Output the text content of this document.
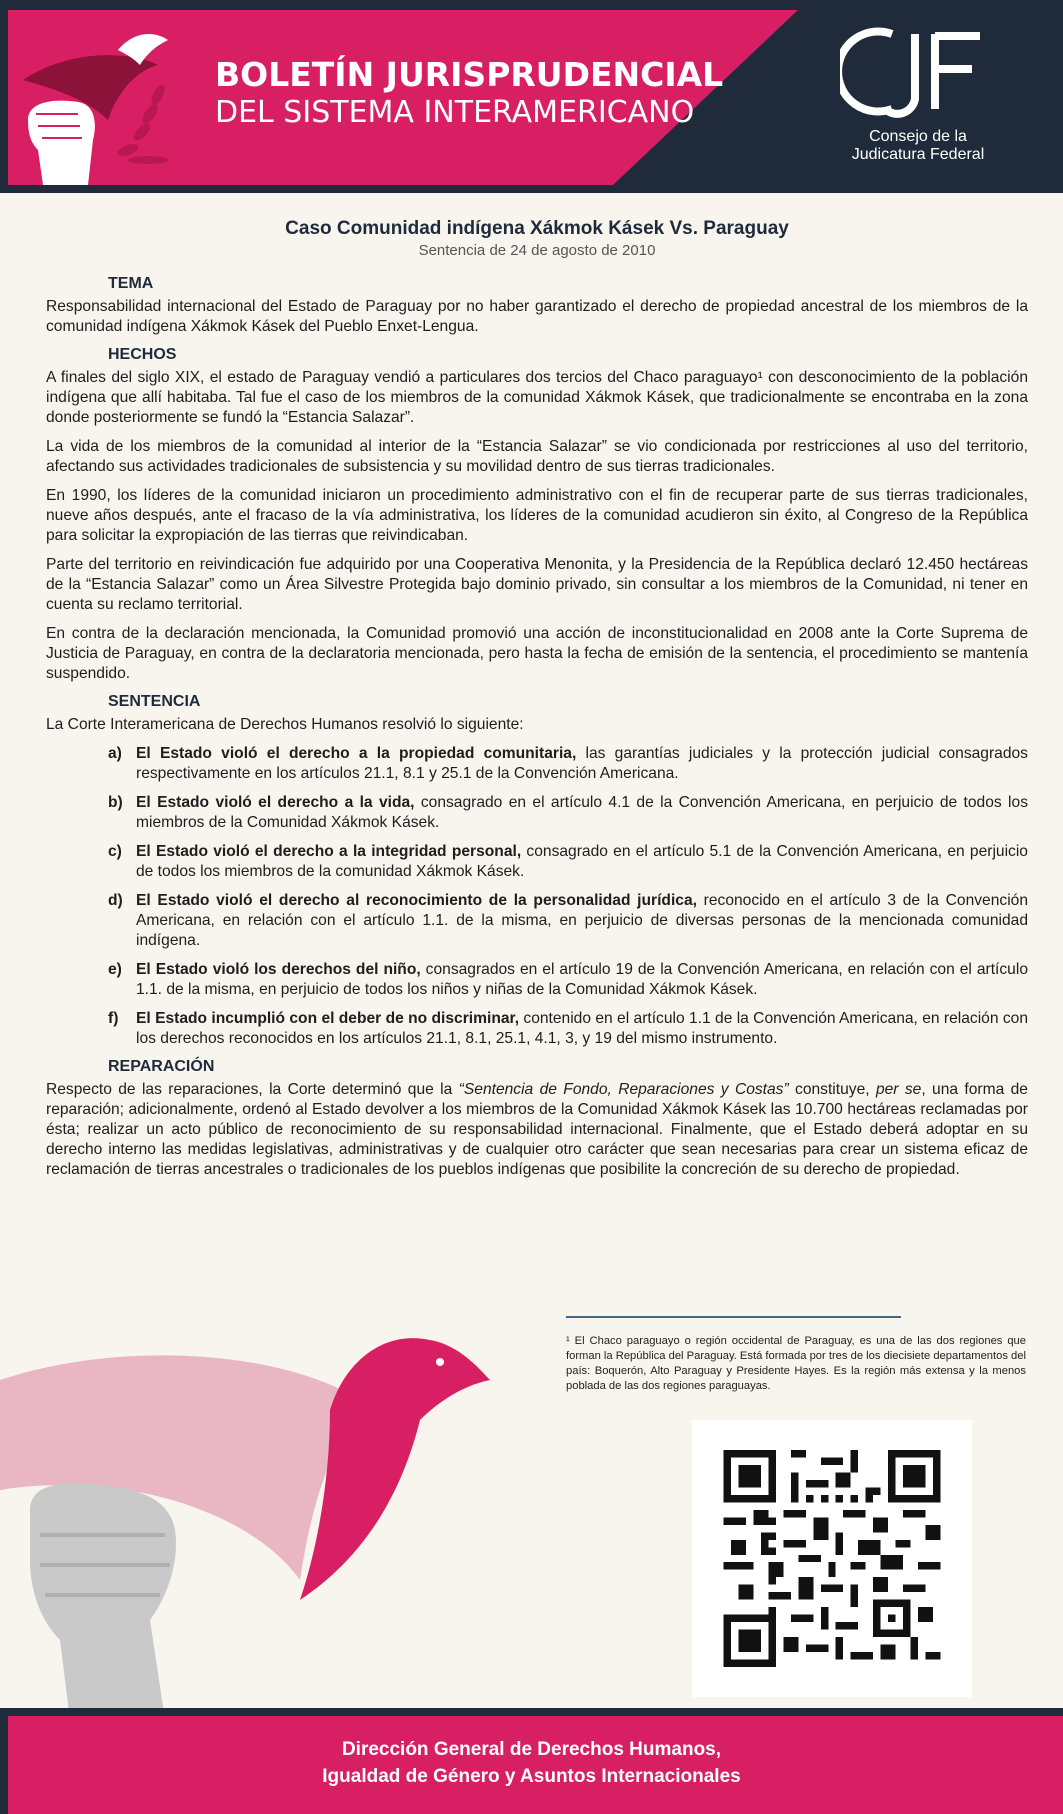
BOLETÍN JURISPRUDENCIAL
DEL SISTEMA INTERAMERICANO
Consejo de la
Judicatura Federal

Caso Comunidad indígena Xákmok Kásek Vs. Paraguay

Sentencia de 24 de agosto de 2010

TEMA

Responsabilidad internacional del Estado de Paraguay por no haber garantizado el derecho de propiedad ancestral de los miembros de la comunidad indígena Xákmok Kásek del Pueblo Enxet-Lengua.

HECHOS

A finales del siglo XIX, el estado de Paraguay vendió a particulares dos tercios del Chaco paraguayo¹ con desconocimiento de la población indígena que allí habitaba. Tal fue el caso de los miembros de la comunidad Xákmok Kásek, que tradicionalmente se encontraba en la zona donde posteriormente se fundó la “Estancia Salazar”.

La vida de los miembros de la comunidad al interior de la “Estancia Salazar” se vio condicionada por restricciones al uso del territorio, afectando sus actividades tradicionales de subsistencia y su movilidad dentro de sus tierras tradicionales.

En 1990, los líderes de la comunidad iniciaron un procedimiento administrativo con el fin de recuperar parte de sus tierras tradicionales, nueve años después, ante el fracaso de la vía administrativa, los líderes de la comunidad acudieron sin éxito, al Congreso de la República para solicitar la expropiación de las tierras que reivindicaban.

Parte del territorio en reivindicación fue adquirido por una Cooperativa Menonita, y la Presidencia de la República declaró 12.450 hectáreas de la “Estancia Salazar” como un Área Silvestre Protegida bajo dominio privado, sin consultar a los miembros de la Comunidad, ni tener en cuenta su reclamo territorial.

En contra de la declaración mencionada, la Comunidad promovió una acción de inconstitucionalidad en 2008 ante la Corte Suprema de Justicia de Paraguay, en contra de la declaratoria mencionada, pero hasta la fecha de emisión de la sentencia, el procedimiento se mantenía suspendido.

SENTENCIA

La Corte Interamericana de Derechos Humanos resolvió lo siguiente:

a) El Estado violó el derecho a la propiedad comunitaria, las garantías judiciales y la protección judicial consagrados respectivamente en los artículos 21.1, 8.1 y 25.1 de la Convención Americana.
b) El Estado violó el derecho a la vida, consagrado en el artículo 4.1 de la Convención Americana, en perjuicio de todos los miembros de la Comunidad Xákmok Kásek.
c) El Estado violó el derecho a la integridad personal, consagrado en el artículo 5.1 de la Convención Americana, en perjuicio de todos los miembros de la comunidad Xákmok Kásek.
d) El Estado violó el derecho al reconocimiento de la personalidad jurídica, reconocido en el artículo 3 de la Convención Americana, en relación con el artículo 1.1. de la misma, en perjuicio de diversas personas de la mencionada comunidad indígena.
e) El Estado violó los derechos del niño, consagrados en el artículo 19 de la Convención Americana, en relación con el artículo 1.1. de la misma, en perjuicio de todos los niños y niñas de la Comunidad Xákmok Kásek.
f) El Estado incumplió con el deber de no discriminar, contenido en el artículo 1.1 de la Convención Americana, en relación con los derechos reconocidos en los artículos 21.1, 8.1, 25.1, 4.1, 3, y 19 del mismo instrumento.
REPARACIÓN

Respecto de las reparaciones, la Corte determinó que la “Sentencia de Fondo, Reparaciones y Costas” constituye, per se, una forma de reparación; adicionalmente, ordenó al Estado devolver a los miembros de la Comunidad Xákmok Kásek las 10.700 hectáreas reclamadas por ésta; realizar un acto público de reconocimiento de su responsabilidad internacional. Finalmente, que el Estado deberá adoptar en su derecho interno las medidas legislativas, administrativas y de cualquier otro carácter que sean necesarias para crear un sistema eficaz de reclamación de tierras ancestrales o tradicionales de los pueblos indígenas que posibilite la concreción de su derecho de propiedad.

¹ El Chaco paraguayo o región occidental de Paraguay, es una de las dos regiones que forman la República del Paraguay. Está formada por tres de los diecisiete departamentos del país: Boquerón, Alto Paraguay y Presidente Hayes. Es la región más extensa y la menos poblada de las dos regiones paraguayas.
Dirección General de Derechos Humanos,
Igualdad de Género y Asuntos Internacionales
